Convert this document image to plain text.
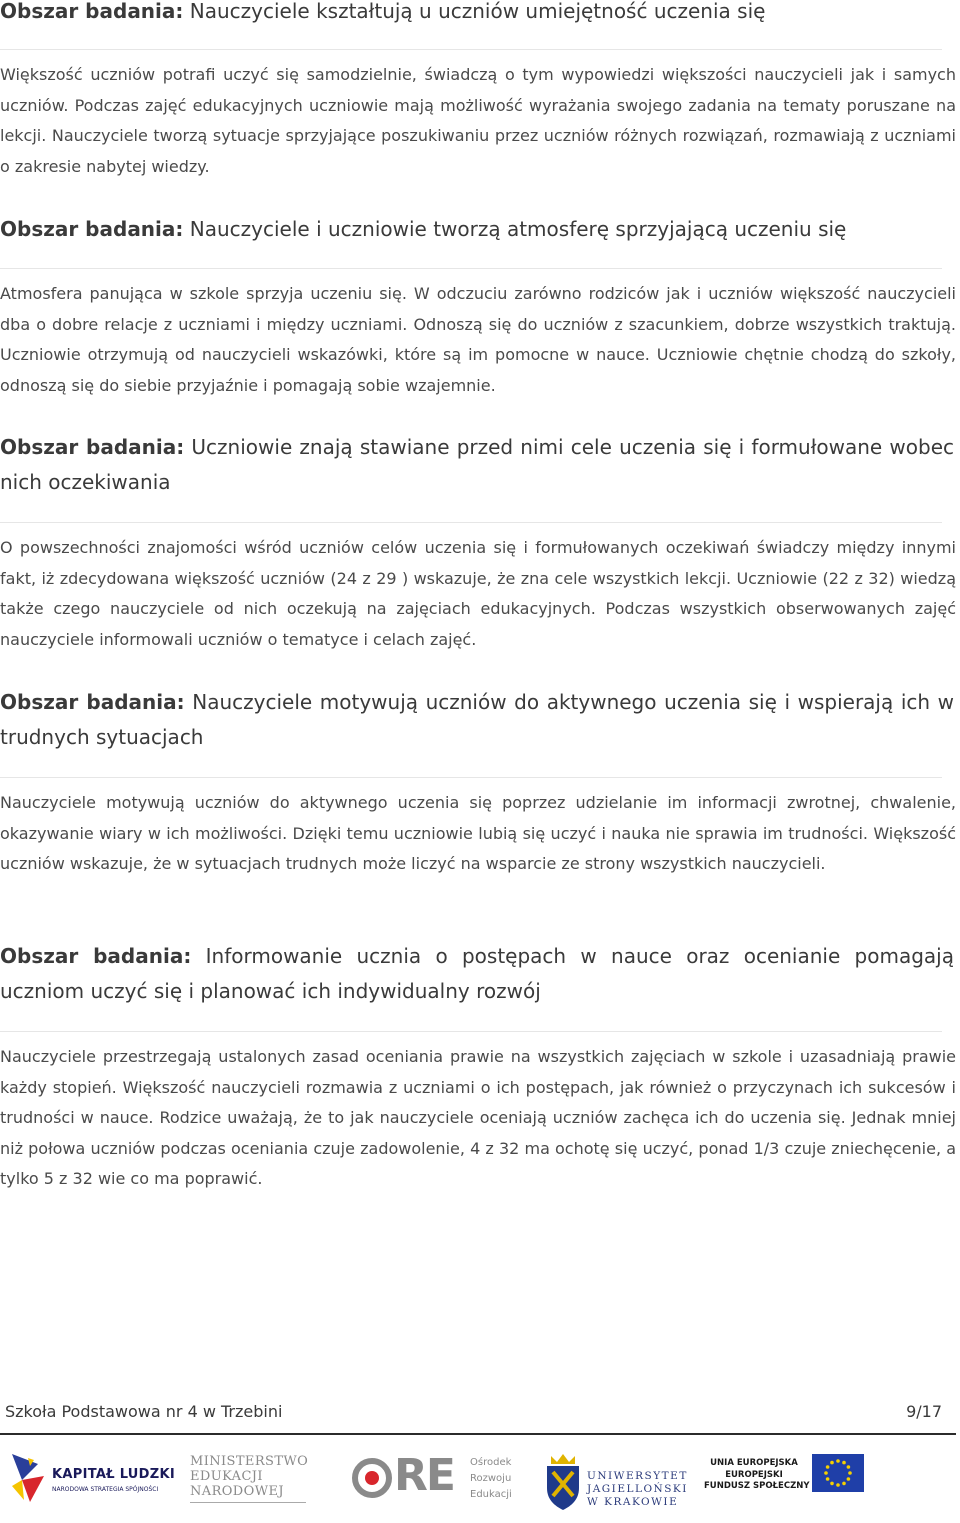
Obszar badania: Nauczyciele kształtują u uczniów umiejętność uczenia się
Większość uczniów potrafi uczyć się samodzielnie, świadczą o tym wypowiedzi większości nauczycieli jak i samych uczniów. Podczas zajęć edukacyjnych uczniowie mają możliwość wyrażania swojego zadania na tematy poruszane na lekcji. Nauczyciele tworzą sytuacje sprzyjające poszukiwaniu przez uczniów różnych rozwiązań, rozmawiają z uczniami o zakresie nabytej wiedzy.
Obszar badania: Nauczyciele i uczniowie tworzą atmosferę sprzyjającą uczeniu się
Atmosfera panująca w szkole sprzyja uczeniu się. W odczuciu zarówno rodziców jak i uczniów większość nauczycieli dba o dobre relacje z uczniami i między uczniami. Odnoszą się do uczniów z szacunkiem, dobrze wszystkich traktują. Uczniowie otrzymują od nauczycieli wskazówki, które są im pomocne w nauce. Uczniowie chętnie chodzą do szkoły, odnoszą się do siebie przyjaźnie i pomagają sobie wzajemnie.
Obszar badania: Uczniowie znają stawiane przed nimi cele uczenia się i formułowane wobec nich oczekiwania
O powszechności znajomości wśród uczniów celów uczenia się i formułowanych oczekiwań świadczy między innymi fakt, iż zdecydowana większość uczniów (24 z 29 ) wskazuje, że zna cele wszystkich lekcji. Uczniowie (22 z 32) wiedzą także czego nauczyciele od nich oczekują na zajęciach edukacyjnych. Podczas wszystkich obserwowanych zajęć nauczyciele informowali uczniów o tematyce i celach zajęć.
Obszar badania: Nauczyciele motywują uczniów do aktywnego uczenia się i wspierają ich w trudnych sytuacjach
Nauczyciele motywują uczniów do aktywnego uczenia się poprzez udzielanie im informacji zwrotnej, chwalenie, okazywanie wiary w ich możliwości. Dzięki temu uczniowie lubią się uczyć i nauka nie sprawia im trudności. Większość uczniów wskazuje, że w sytuacjach trudnych może liczyć na wsparcie ze strony wszystkich nauczycieli.
Obszar badania: Informowanie ucznia o postępach w nauce oraz ocenianie pomagają uczniom uczyć się i planować ich indywidualny rozwój
Nauczyciele przestrzegają ustalonych zasad oceniania prawie na wszystkich zajęciach w szkole i uzasadniają prawie każdy stopień. Większość nauczycieli rozmawia z uczniami o ich postępach, jak również o przyczynach ich sukcesów i trudności w nauce. Rodzice uważają, że to jak nauczyciele oceniają uczniów zachęca ich do uczenia się. Jednak mniej niż połowa uczniów podczas oceniania czuje zadowolenie, 4 z 32 ma ochotę się uczyć, ponad 1/3 czuje zniechęcenie, a tylko 5 z 32 wie co ma poprawić.
Szkoła Podstawowa nr 4 w Trzebini	9/17
KAPITAŁ LUDZKI
NARODOWA STRATEGIA SPÓJNOŚCI
MINISTERSTWO
EDUKACJI
NARODOWEJ	RE Ośrodek
Rozwoju
Edukacji
UNIWERSYTET
JAGIELLOŃSKI
W KRAKOWIE
UNIA EUROPEJSKA
EUROPEJSKI
FUNDUSZ SPOŁECZNY
